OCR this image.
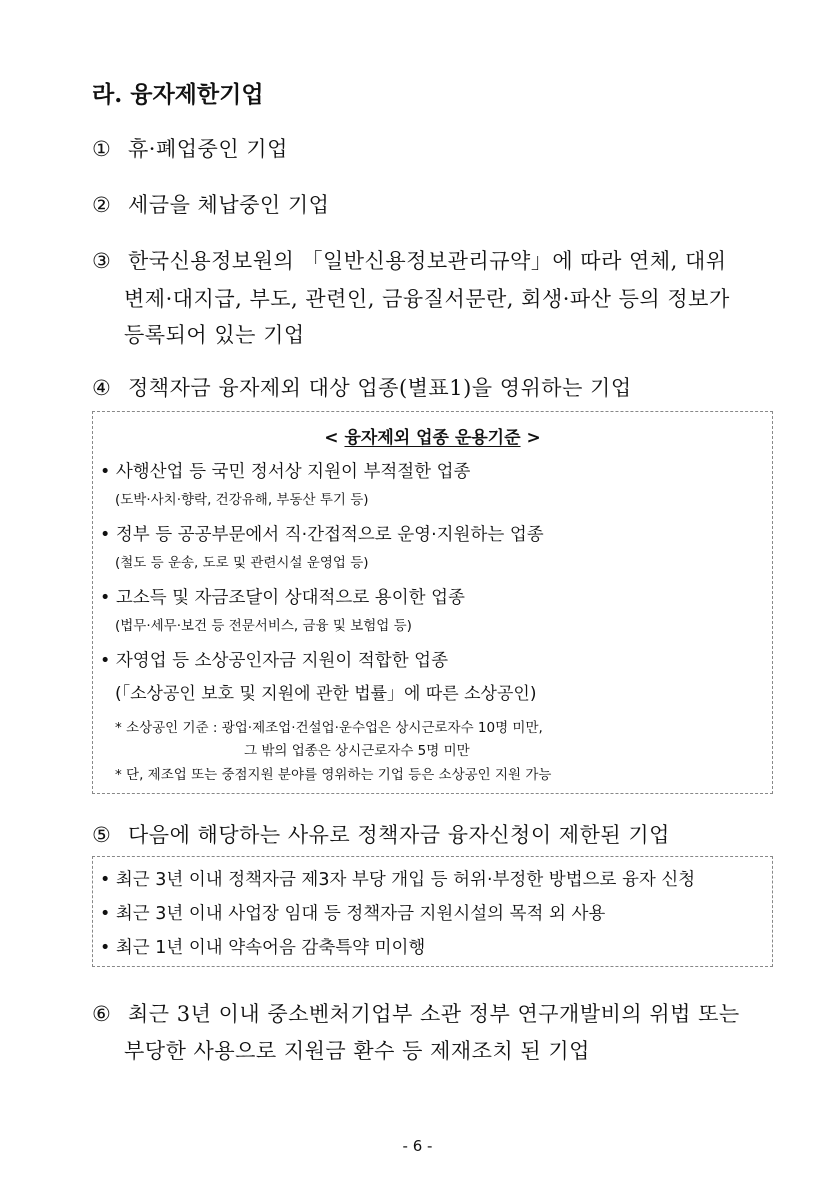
라. 융자제한기업
① 휴·폐업중인 기업
② 세금을 체납중인 기업
③ 한국신용정보원의 「일반신용정보관리규약」에 따라 연체, 대위
변제·대지급, 부도, 관련인, 금융질서문란, 회생·파산 등의 정보가
등록되어 있는 기업
④ 정책자금 융자제외 대상 업종(별표1)을 영위하는 기업
< 융자제외 업종 운용기준 >
• 사행산업 등 국민 정서상 지원이 부적절한 업종
(도박·사치·향락, 건강유해, 부동산 투기 등)
• 정부 등 공공부문에서 직·간접적으로 운영·지원하는 업종
(철도 등 운송, 도로 및 관련시설 운영업 등)
• 고소득 및 자금조달이 상대적으로 용이한 업종
(법무·세무·보건 등 전문서비스, 금융 및 보험업 등)
• 자영업 등 소상공인자금 지원이 적합한 업종
(「소상공인 보호 및 지원에 관한 법률」에 따른 소상공인)
* 소상공인 기준 : 광업·제조업·건설업·운수업은 상시근로자수 10명 미만,
그 밖의 업종은 상시근로자수 5명 미만
* 단, 제조업 또는 중점지원 분야를 영위하는 기업 등은 소상공인 지원 가능
⑤ 다음에 해당하는 사유로 정책자금 융자신청이 제한된 기업
• 최근 3년 이내 정책자금 제3자 부당 개입 등 허위·부정한 방법으로 융자 신청
• 최근 3년 이내 사업장 임대 등 정책자금 지원시설의 목적 외 사용
• 최근 1년 이내 약속어음 감축특약 미이행
⑥ 최근 3년 이내 중소벤처기업부 소관 정부 연구개발비의 위법 또는
부당한 사용으로 지원금 환수 등 제재조치 된 기업
- 6 -
